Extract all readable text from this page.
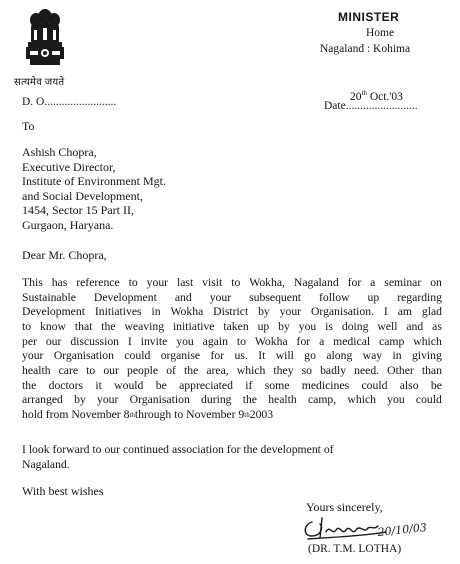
सत्यमेव जयते
MINISTER
Home
Nagaland : Kohima
D. O.........................	20th Oct.'03
Date.........................
To
Ashish Chopra,
Executive Director,
Institute of Environment Mgt.
and Social Development,
1454, Sector 15 Part II,
Gurgaon, Haryana.
Dear Mr. Chopra,
This has reference to your last visit to Wokha, Nagaland for a seminar on
Sustainable Development and your subsequent follow up regarding
Development Initiatives in Wokha District by your Organisation. I am glad
to know that the weaving initiative taken up by you is doing well and as
per our discussion I invite you again to Wokha for a medical camp which
your Organisation could organise for us. It will go along way in giving
health care to our people of the area, which they so badly need. Other than
the doctors it would be appreciated if some medicines could also be
arranged by your Organisation during the health camp, which you could
hold from November 8 th through to November 9 th 2003
I look forward to our continued association for the development of
Nagaland.
With best wishes
Yours sincerely,
20/10/03
(DR. T.M. LOTHA)
